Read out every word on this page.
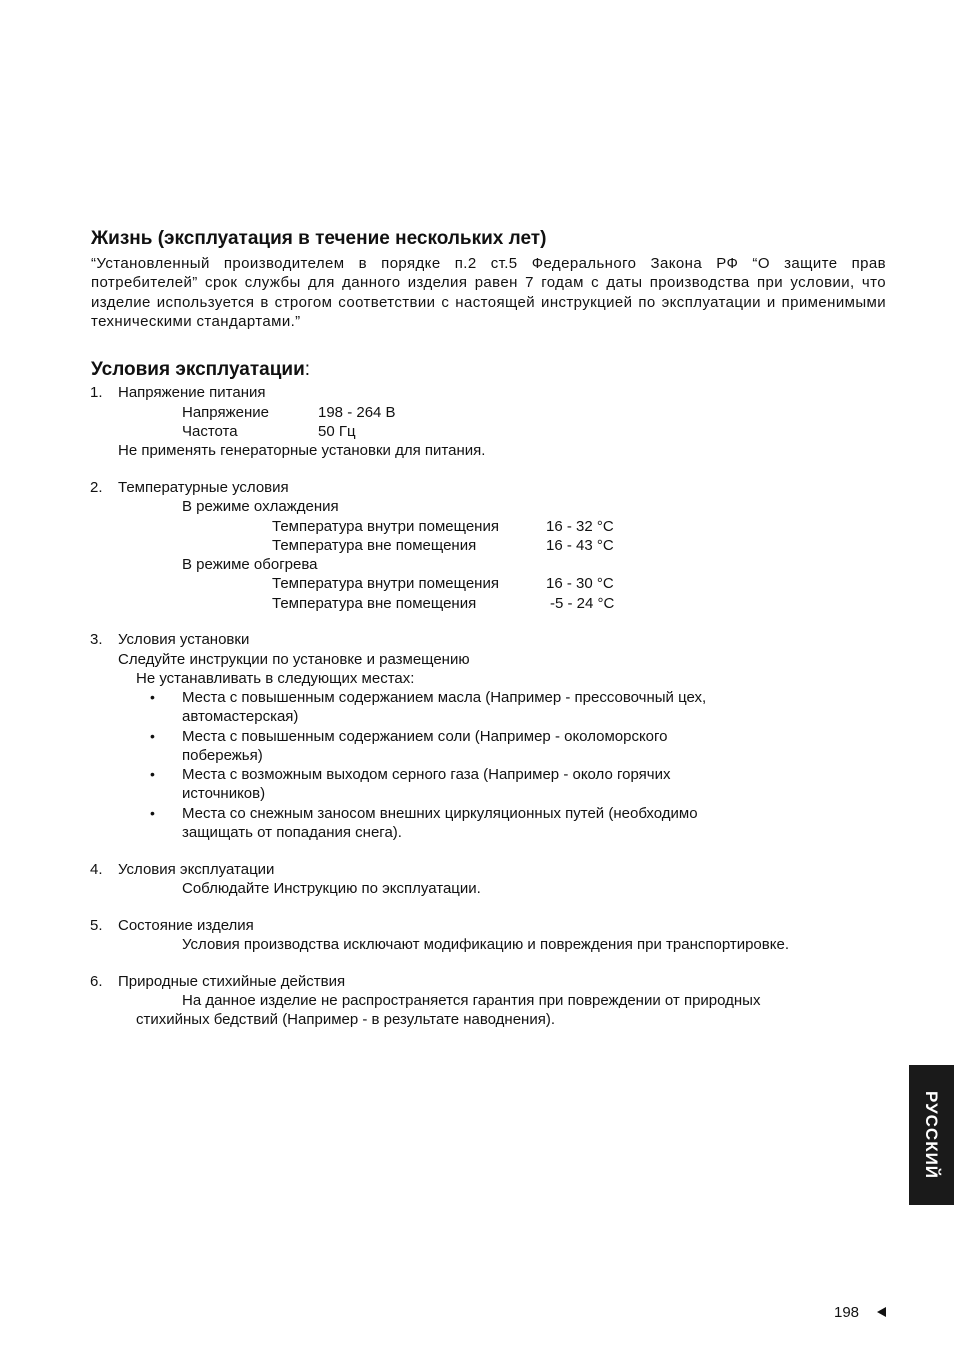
Жизнь (эксплуатация в течение нескольких лет)
“Установленный производителем в порядке п.2 ст.5 Федерального Закона РФ “О защите прав потребителей” срок службы для данного изделия равен 7 годам с даты производства при условии, что изделие используется в строгом соответствии с настоящей инструкцией по эксплуатации и применимыми техническими стандартами.”
Условия эксплуатации:
1. Напряжение питания
Напряжение	198 - 264 В
Частота	50 Гц
Не применять генераторные установки для питания.
2. Температурные условия
В режиме охлаждения
Температура внутри помещения	16 - 32 °C
Температура вне помещения	16 - 43 °C
В режиме обогрева
Температура внутри помещения	16 - 30 °C
Температура вне помещения	-5 - 24 °C
3. Условия установки
Следуйте инструкции по установке и размещению
Не устанавливать в следующих местах:
• Места с повышенным содержанием масла (Например - прессовочный цех,
автомастерская)
• Места с повышенным содержанием соли (Например - околоморского
побережья)
• Места с возможным выходом серного газа (Например - около горячих
источников)
• Места со снежным заносом внешних циркуляционных путей (необходимо
защищать от попадания снега).
4. Условия эксплуатации
Соблюдайте Инструкцию по эксплуатации.
5. Состояние изделия
Условия производства исключают модификацию и повреждения при транспортировке.
6. Природные стихийные действия
На данное изделие не распространяется гарантия при повреждении от природных
стихийных бедствий (Например - в результате наводнения).
РУССКИЙ
198
